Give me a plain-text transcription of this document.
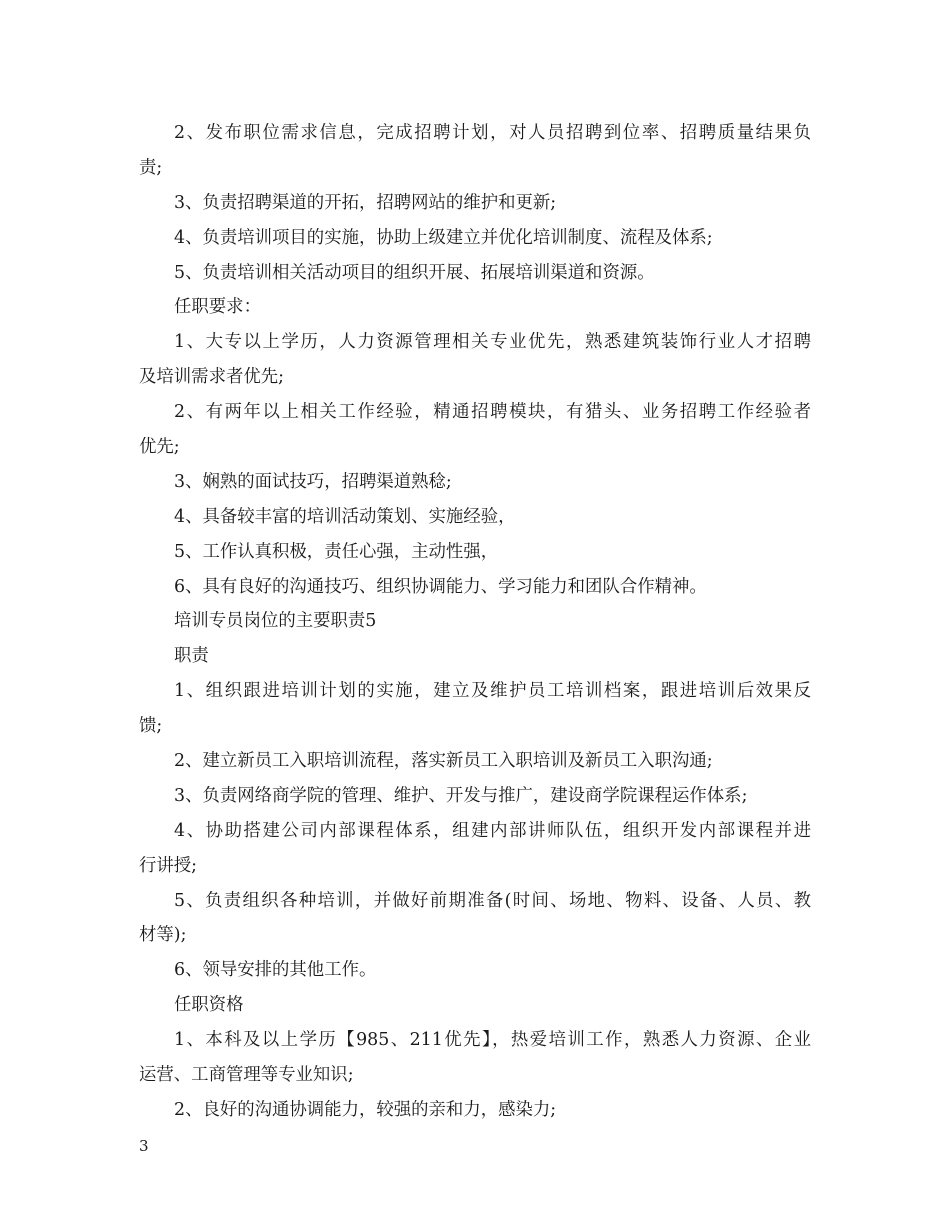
2、发布职位需求信息，完成招聘计划，对人员招聘到位率、招聘质量结果负
责;
3、负责招聘渠道的开拓，招聘网站的维护和更新;
4、负责培训项目的实施，协助上级建立并优化培训制度、流程及体系;
5、负责培训相关活动项目的组织开展、拓展培训渠道和资源。
任职要求：
1、大专以上学历，人力资源管理相关专业优先，熟悉建筑装饰行业人才招聘
及培训需求者优先;
2、有两年以上相关工作经验，精通招聘模块，有猎头、业务招聘工作经验者
优先;
3、娴熟的面试技巧，招聘渠道熟稔;
4、具备较丰富的培训活动策划、实施经验，
5、工作认真积极，责任心强，主动性强，
6、具有良好的沟通技巧、组织协调能力、学习能力和团队合作精神。
培训专员岗位的主要职责5
职责
1、组织跟进培训计划的实施，建立及维护员工培训档案，跟进培训后效果反
馈;
2、建立新员工入职培训流程，落实新员工入职培训及新员工入职沟通;
3、负责网络商学院的管理、维护、开发与推广，建设商学院课程运作体系;
4、协助搭建公司内部课程体系，组建内部讲师队伍，组织开发内部课程并进
行讲授;
5、负责组织各种培训，并做好前期准备(时间、场地、物料、设备、人员、教
材等);
6、领导安排的其他工作。
任职资格
1、本科及以上学历【985、211优先】，热爱培训工作，熟悉人力资源、企业
运营、工商管理等专业知识;
2、良好的沟通协调能力，较强的亲和力，感染力;
3
